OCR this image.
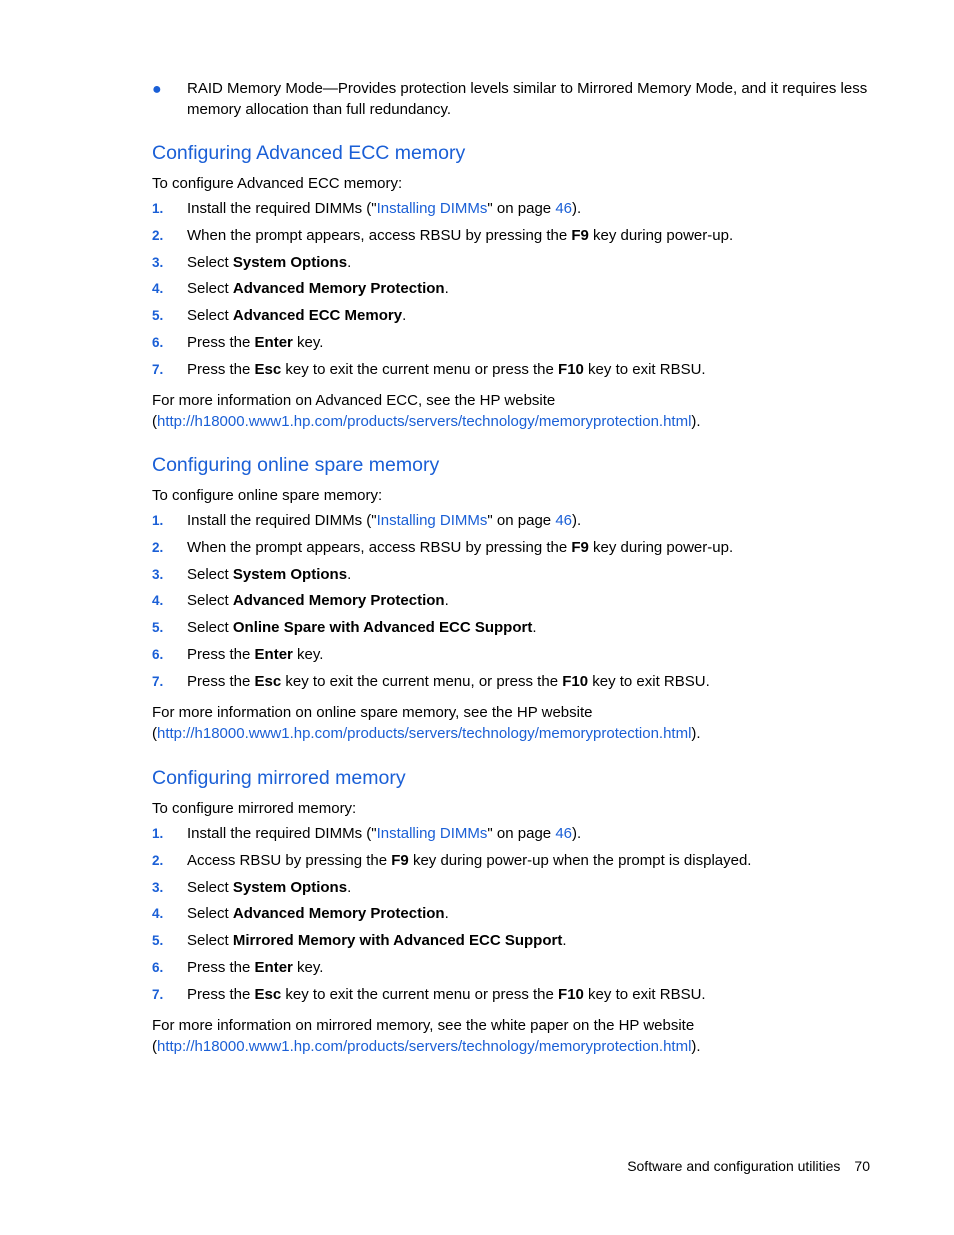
● RAID Memory Mode—Provides protection levels similar to Mirrored Memory Mode, and it requires less memory allocation than full redundancy.
Configuring Advanced ECC memory
To configure Advanced ECC memory:
1. Install the required DIMMs ("Installing DIMMs" on page 46).
2. When the prompt appears, access RBSU by pressing the F9 key during power-up.
3. Select System Options.
4. Select Advanced Memory Protection.
5. Select Advanced ECC Memory.
6. Press the Enter key.
7. Press the Esc key to exit the current menu or press the F10 key to exit RBSU.
For more information on Advanced ECC, see the HP website
(http://h18000.www1.hp.com/products/servers/technology/memoryprotection.html).
Configuring online spare memory
To configure online spare memory:
1. Install the required DIMMs ("Installing DIMMs" on page 46).
2. When the prompt appears, access RBSU by pressing the F9 key during power-up.
3. Select System Options.
4. Select Advanced Memory Protection.
5. Select Online Spare with Advanced ECC Support.
6. Press the Enter key.
7. Press the Esc key to exit the current menu, or press the F10 key to exit RBSU.
For more information on online spare memory, see the HP website
(http://h18000.www1.hp.com/products/servers/technology/memoryprotection.html).
Configuring mirrored memory
To configure mirrored memory:
1. Install the required DIMMs ("Installing DIMMs" on page 46).
2. Access RBSU by pressing the F9 key during power-up when the prompt is displayed.
3. Select System Options.
4. Select Advanced Memory Protection.
5. Select Mirrored Memory with Advanced ECC Support.
6. Press the Enter key.
7. Press the Esc key to exit the current menu or press the F10 key to exit RBSU.
For more information on mirrored memory, see the white paper on the HP website
(http://h18000.www1.hp.com/products/servers/technology/memoryprotection.html).
Software and configuration utilities 70
